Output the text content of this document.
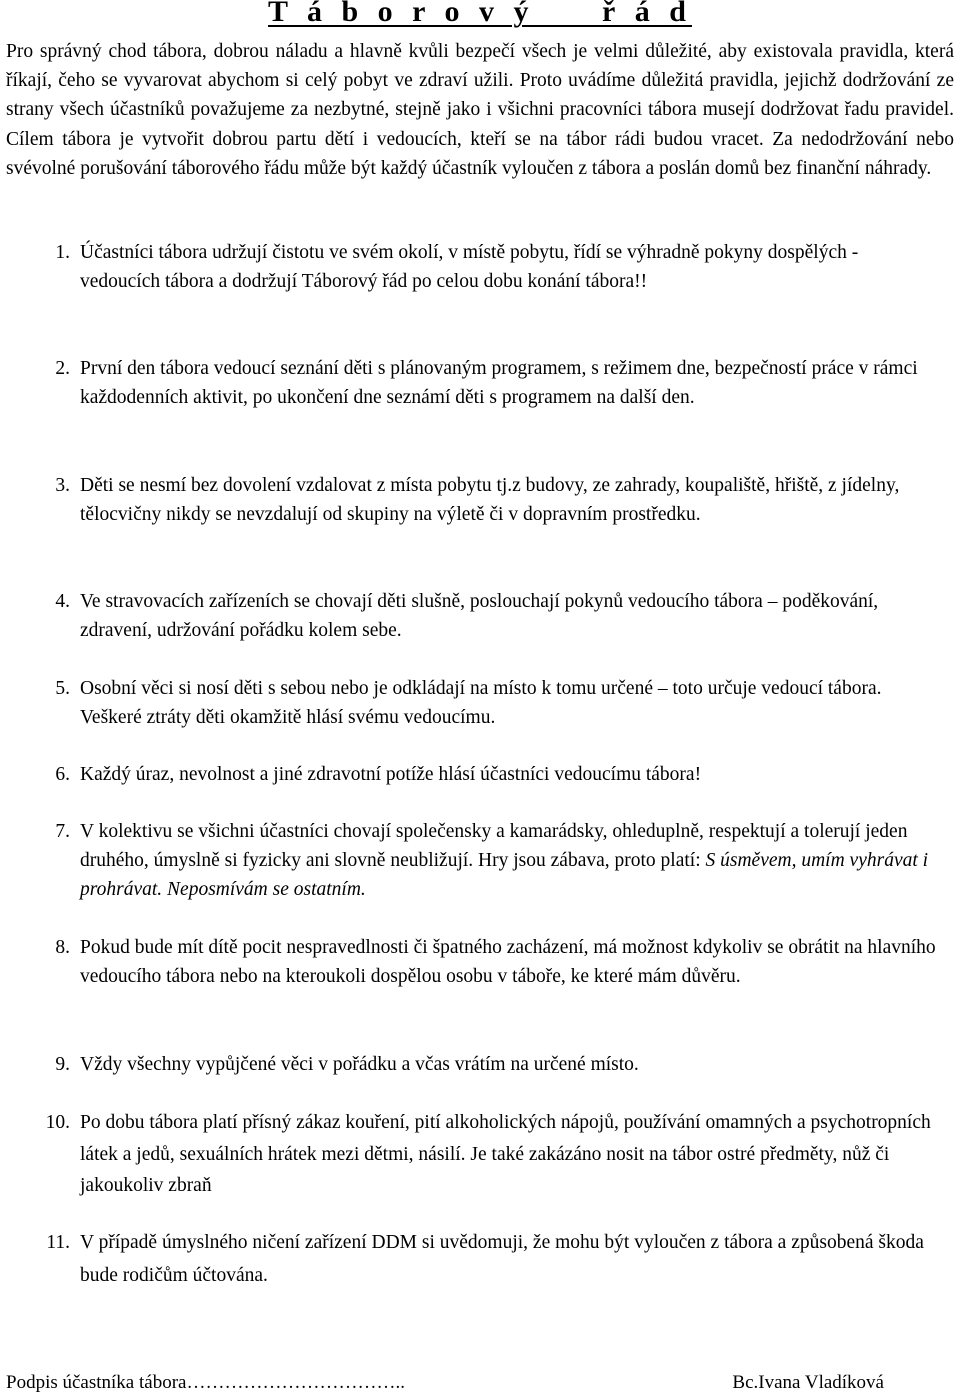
T á b o r o v ý     ř á d

Pro správný chod tábora, dobrou náladu a hlavně kvůli bezpečí všech je velmi důležité, aby existovala pravidla, která říkají, čeho se vyvarovat abychom si celý pobyt ve zdraví užili. Proto uvádíme důležitá pravidla, jejichž dodržování ze strany všech účastníků považujeme za nezbytné, stejně jako i všichni pracovníci tábora musejí dodržovat řadu pravidel. Cílem tábora je vytvořit dobrou partu dětí i vedoucích, kteří se na tábor rádi budou vracet. Za nedodržování nebo svévolné porušování táborového řádu může být každý účastník vyloučen z tábora a poslán domů bez finanční náhrady.

1. Účastníci tábora udržují čistotu ve svém okolí, v místě pobytu, řídí se výhradně pokyny dospělých - vedoucích tábora a dodržují Táborový řád po celou dobu konání tábora!!
2. První den tábora vedoucí seznání děti s plánovaným programem, s režimem dne, bezpečností práce v rámci každodenních aktivit, po ukončení dne seznámí děti s programem na další den.
3. Děti se nesmí bez dovolení vzdalovat z místa pobytu tj.z budovy, ze zahrady, koupaliště, hřiště, z jídelny, tělocvičny nikdy se nevzdalují od skupiny na výletě či v dopravním prostředku.
4. Ve stravovacích zařízeních se chovají děti slušně, poslouchají pokynů vedoucího tábora – poděkování, zdravení, udržování pořádku kolem sebe.
5. Osobní věci si nosí děti s sebou nebo je odkládají na místo k tomu určené – toto určuje vedoucí tábora. Veškeré ztráty děti okamžitě hlásí svému vedoucímu.
6. Každý úraz, nevolnost a jiné zdravotní potíže hlásí účastníci vedoucímu tábora!
7. V kolektivu se všichni účastníci chovají společensky a kamarádsky, ohleduplně, respektují a tolerují jeden druhého, úmyslně si fyzicky ani slovně neubližují. Hry jsou zábava, proto platí: S úsměvem, umím vyhrávat i prohrávat. Neposmívám se ostatním.
8. Pokud bude mít dítě pocit nespravedlnosti či špatného zacházení, má možnost kdykoliv se obrátit na hlavního vedoucího tábora nebo na kteroukoli dospělou osobu v táboře, ke které mám důvěru.
9. Vždy všechny vypůjčené věci v pořádku a včas vrátím na určené místo.
10. Po dobu tábora platí přísný zákaz kouření, pití alkoholických nápojů, používání omamných a psychotropních látek a jedů, sexuálních hrátek mezi dětmi, násilí. Je také zakázáno nosit na tábor ostré předměty, nůž či jakoukoliv zbraň
11. V případě úmyslného ničení zařízení DDM si uvědomuji, že mohu být vyloučen z tábora a způsobená škoda bude rodičům účtována.
Podpis účastníka tábora……………………………..	Bc.Ivana Vladíková
